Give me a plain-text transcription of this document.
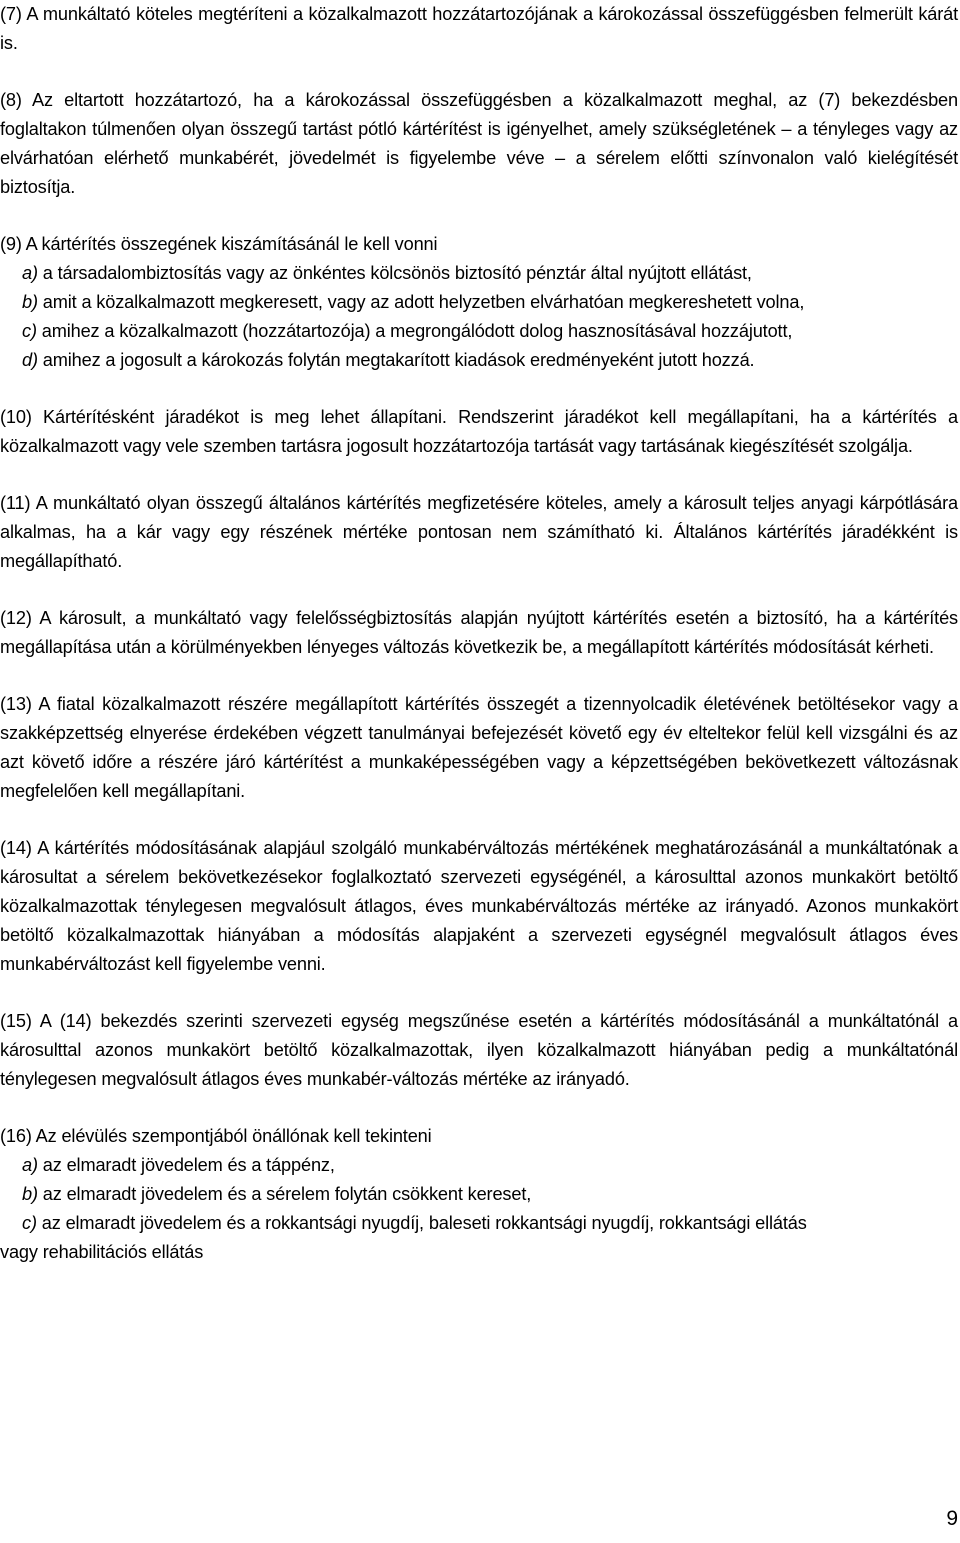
(7) A munkáltató köteles megtéríteni a közalkalmazott hozzátartozójának a károkozással összefüggésben felmerült kárát is.

(8) Az eltartott hozzátartozó, ha a károkozással összefüggésben a közalkalmazott meghal, az (7) bekezdésben foglaltakon túlmenően olyan összegű tartást pótló kártérítést is igényelhet, amely szükségletének – a tényleges vagy az elvárhatóan elérhető munkabérét, jövedelmét is figyelembe véve – a sérelem előtti színvonalon való kielégítését biztosítja.

(9) A kártérítés összegének kiszámításánál le kell vonni
a) a társadalombiztosítás vagy az önkéntes kölcsönös biztosító pénztár által nyújtott ellátást,
b) amit a közalkalmazott megkeresett, vagy az adott helyzetben elvárhatóan megkereshetett volna,
c) amihez a közalkalmazott (hozzátartozója) a megrongálódott dolog hasznosításával hozzájutott,
d) amihez a jogosult a károkozás folytán megtakarított kiadások eredményeként jutott hozzá.

(10) Kártérítésként járadékot is meg lehet állapítani. Rendszerint járadékot kell megállapítani, ha a kártérítés a közalkalmazott vagy vele szemben tartásra jogosult hozzátartozója tartását vagy tartásának kiegészítését szolgálja.

(11) A munkáltató olyan összegű általános kártérítés megfizetésére köteles, amely a károsult teljes anyagi kárpótlására alkalmas, ha a kár vagy egy részének mértéke pontosan nem számítható ki. Általános kártérítés járadékként is megállapítható.

(12) A károsult, a munkáltató vagy felelősségbiztosítás alapján nyújtott kártérítés esetén a biztosító, ha a kártérítés megállapítása után a körülményekben lényeges változás következik be, a megállapított kártérítés módosítását kérheti.

(13) A fiatal közalkalmazott részére megállapított kártérítés összegét a tizennyolcadik életévének betöltésekor vagy a szakképzettség elnyerése érdekében végzett tanulmányai befejezését követő egy év elteltekor felül kell vizsgálni és az azt követő időre a részére járó kártérítést a munkaképességében vagy a képzettségében bekövetkezett változásnak megfelelően kell megállapítani.

(14) A kártérítés módosításának alapjául szolgáló munkabérváltozás mértékének meghatározásánál a munkáltatónak a károsultat a sérelem bekövetkezésekor foglalkoztató szervezeti egységénél, a károsulttal azonos munkakört betöltő közalkalmazottak ténylegesen megvalósult átlagos, éves munkabérváltozás mértéke az irányadó. Azonos munkakört betöltő közalkalmazottak hiányában a módosítás alapjaként a szervezeti egységnél megvalósult átlagos éves munkabérváltozást kell figyelembe venni.

(15) A (14) bekezdés szerinti szervezeti egység megszűnése esetén a kártérítés módosításánál a munkáltatónál a károsulttal azonos munkakört betöltő közalkalmazottak, ilyen közalkalmazott hiányában pedig a munkáltatónál ténylegesen megvalósult átlagos éves munkabér-változás mértéke az irányadó.

(16) Az elévülés szempontjából önállónak kell tekinteni
a) az elmaradt jövedelem és a táppénz,
b) az elmaradt jövedelem és a sérelem folytán csökkent kereset,
c) az elmaradt jövedelem és a rokkantsági nyugdíj, baleseti rokkantsági nyugdíj, rokkantsági ellátás
vagy rehabilitációs ellátás
9
